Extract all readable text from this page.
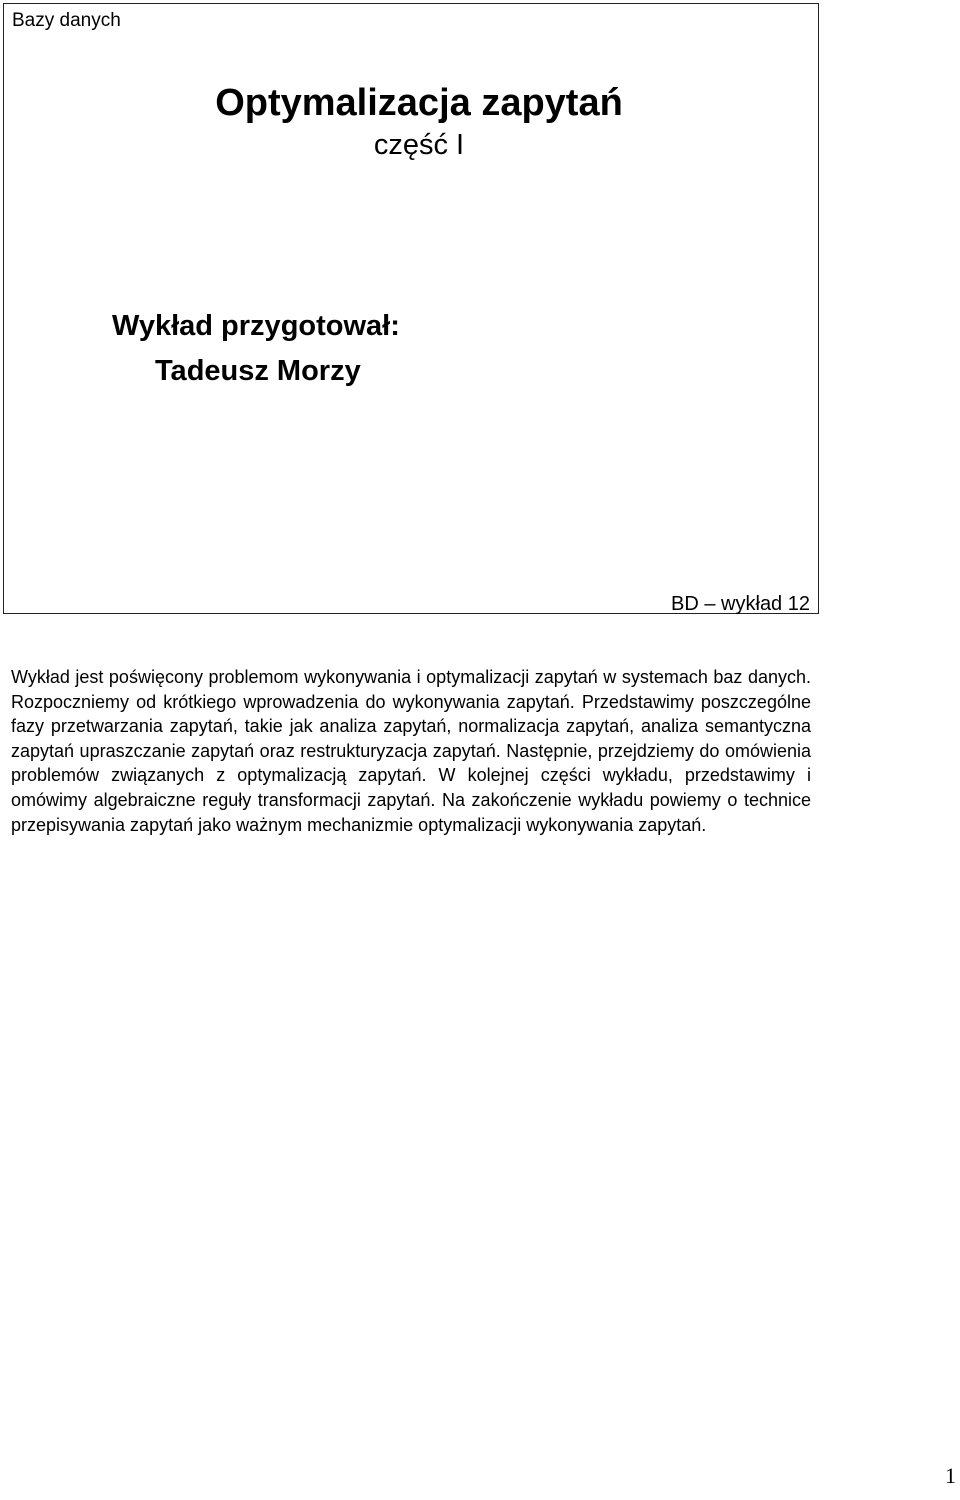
Bazy danych
Optymalizacja zapytań
część I
Wykład przygotował:
Tadeusz Morzy
BD – wykład 12

Wykład jest poświęcony problemom wykonywania i optymalizacji zapytań w systemach baz danych. Rozpoczniemy od krótkiego wprowadzenia do wykonywania zapytań. Przedstawimy poszczególne fazy przetwarzania zapytań, takie jak analiza zapytań, normalizacja zapytań, analiza semantyczna zapytań upraszczanie zapytań oraz restrukturyzacja zapytań. Następnie, przejdziemy do omówienia problemów związanych z optymalizacją zapytań. W kolejnej części wykładu, przedstawimy i omówimy algebraiczne reguły transformacji zapytań. Na zakończenie wykładu powiemy o technice przepisywania zapytań jako ważnym mechanizmie optymalizacji wykonywania zapytań.

1
